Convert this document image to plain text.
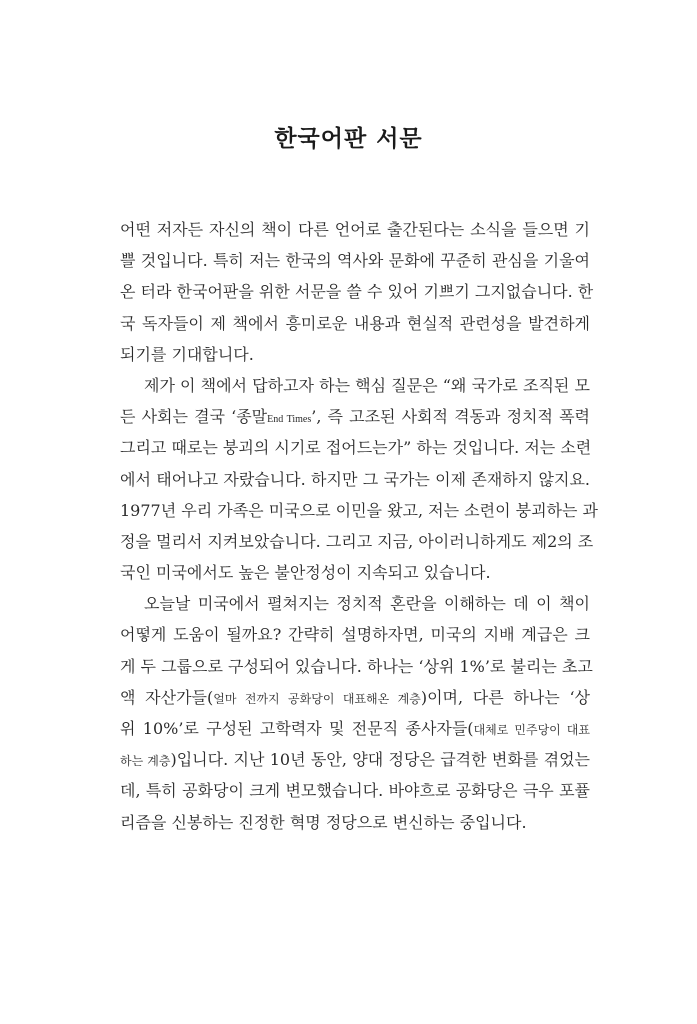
한국어판 서문
어떤 저자든 자신의 책이 다른 언어로 출간된다는 소식을 들으면 기
쁠 것입니다. 특히 저는 한국의 역사와 문화에 꾸준히 관심을 기울여
온 터라 한국어판을 위한 서문을 쓸 수 있어 기쁘기 그지없습니다. 한
국 독자들이 제 책에서 흥미로운 내용과 현실적 관련성을 발견하게
되기를 기대합니다.
제가 이 책에서 답하고자 하는 핵심 질문은 “왜 국가로 조직된 모
든 사회는 결국 ‘종말End Times’, 즉 고조된 사회적 격동과 정치적 폭력
그리고 때로는 붕괴의 시기로 접어드는가” 하는 것입니다. 저는 소련
에서 태어나고 자랐습니다. 하지만 그 국가는 이제 존재하지 않지요.
1977년 우리 가족은 미국으로 이민을 왔고, 저는 소련이 붕괴하는 과
정을 멀리서 지켜보았습니다. 그리고 지금, 아이러니하게도 제2의 조
국인 미국에서도 높은 불안정성이 지속되고 있습니다.
오늘날 미국에서 펼쳐지는 정치적 혼란을 이해하는 데 이 책이
어떻게 도움이 될까요? 간략히 설명하자면, 미국의 지배 계급은 크
게 두 그룹으로 구성되어 있습니다. 하나는 ‘상위 1%’로 불리는 초고
액 자산가들(얼마 전까지 공화당이 대표해온 계층)이며, 다른 하나는 ‘상
위 10%’로 구성된 고학력자 및 전문직 종사자들(대체로 민주당이 대표
하는 계층)입니다. 지난 10년 동안, 양대 정당은 급격한 변화를 겪었는
데, 특히 공화당이 크게 변모했습니다. 바야흐로 공화당은 극우 포퓰
리즘을 신봉하는 진정한 혁명 정당으로 변신하는 중입니다.
